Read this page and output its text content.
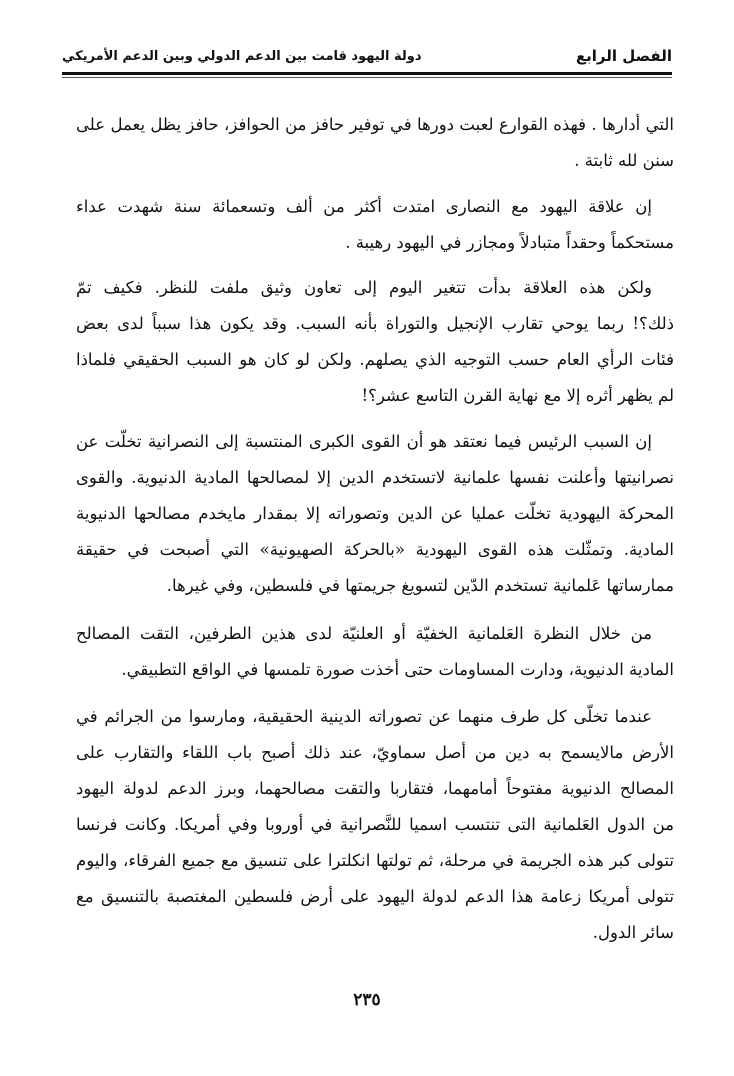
الفصل الرابع
دولة اليهود قامت بين الدعم الدولي وبين الدعم الأمريكي
التي أدارها . فهذه القوارع لعبت دورها في توفير حافز من الحوافز، حافز يظل يعمل على
سنن لله ثابتة .
إن علاقة اليهود مع النصارى امتدت أكثر من ألف وتسعمائة سنة شهدت عداء
مستحكماً وحقداً متبادلاً ومجازر في اليهود رهيبة .
ولكن هذه العلاقة بدأت تتغير اليوم إلى تعاون وثيق ملفت للنظر. فكيف تمّ
ذلك؟! ربما يوحي تقارب الإنجيل والتوراة بأنه السبب. وقد يكون هذا سبباً لدى بعض
فئات الرأي العام حسب التوجيه الذي يصلهم. ولكن لو كان هو السبب الحقيقي فلماذا
لم يظهر أثره إلا مع نهاية القرن التاسع عشر؟!
إن السبب الرئيس فيما نعتقد هو أن القوى الكبرى المنتسبة إلى النصرانية تخلّت عن
نصرانيتها وأعلنت نفسها علمانية لاتستخدم الدين إلا لمصالحها المادية الدنيوية. والقوى
المحركة اليهودية تخلّت عمليا عن الدين وتصوراته إلا بمقدار مايخدم مصالحها الدنيوية
المادية. وتمثّلت هذه القوى اليهودية «بالحركة الصهيونية» التي أصبحت في حقيقة
ممارساتها عَلمانية تستخدم الدّين لتسويغ جريمتها في فلسطين، وفي غيرها.
من خلال النظرة العَلمانية الخفيّة أو العلنيّة لدى هذين الطرفين، التقت المصالح
المادية الدنيوية، ودارت المساومات حتى أخذت صورة تلمسها في الواقع التطبيقي.
عندما تخلّى كل طرف منهما عن تصوراته الدينية الحقيقية، ومارسوا من الجرائم في
الأرض مالايسمح به دين من أصل سماويّ، عند ذلك أصبح باب اللقاء والتقارب على
المصالح الدنيوية مفتوحاً أمامهما، فتقاربا والتقت مصالحهما، وبرز الدعم لدولة اليهود
من الدول العَلمانية التى تنتسب اسميا للنَّصرانية في أوروبا وفي أمريكا. وكانت فرنسا
تتولى كبر هذه الجريمة في مرحلة، ثم تولتها انكلترا على تنسيق مع جميع الفرقاء، واليوم
تتولى أمريكا زعامة هذا الدعم لدولة اليهود على أرض فلسطين المغتصبة بالتنسيق مع
سائر الدول.
٢٣٥
